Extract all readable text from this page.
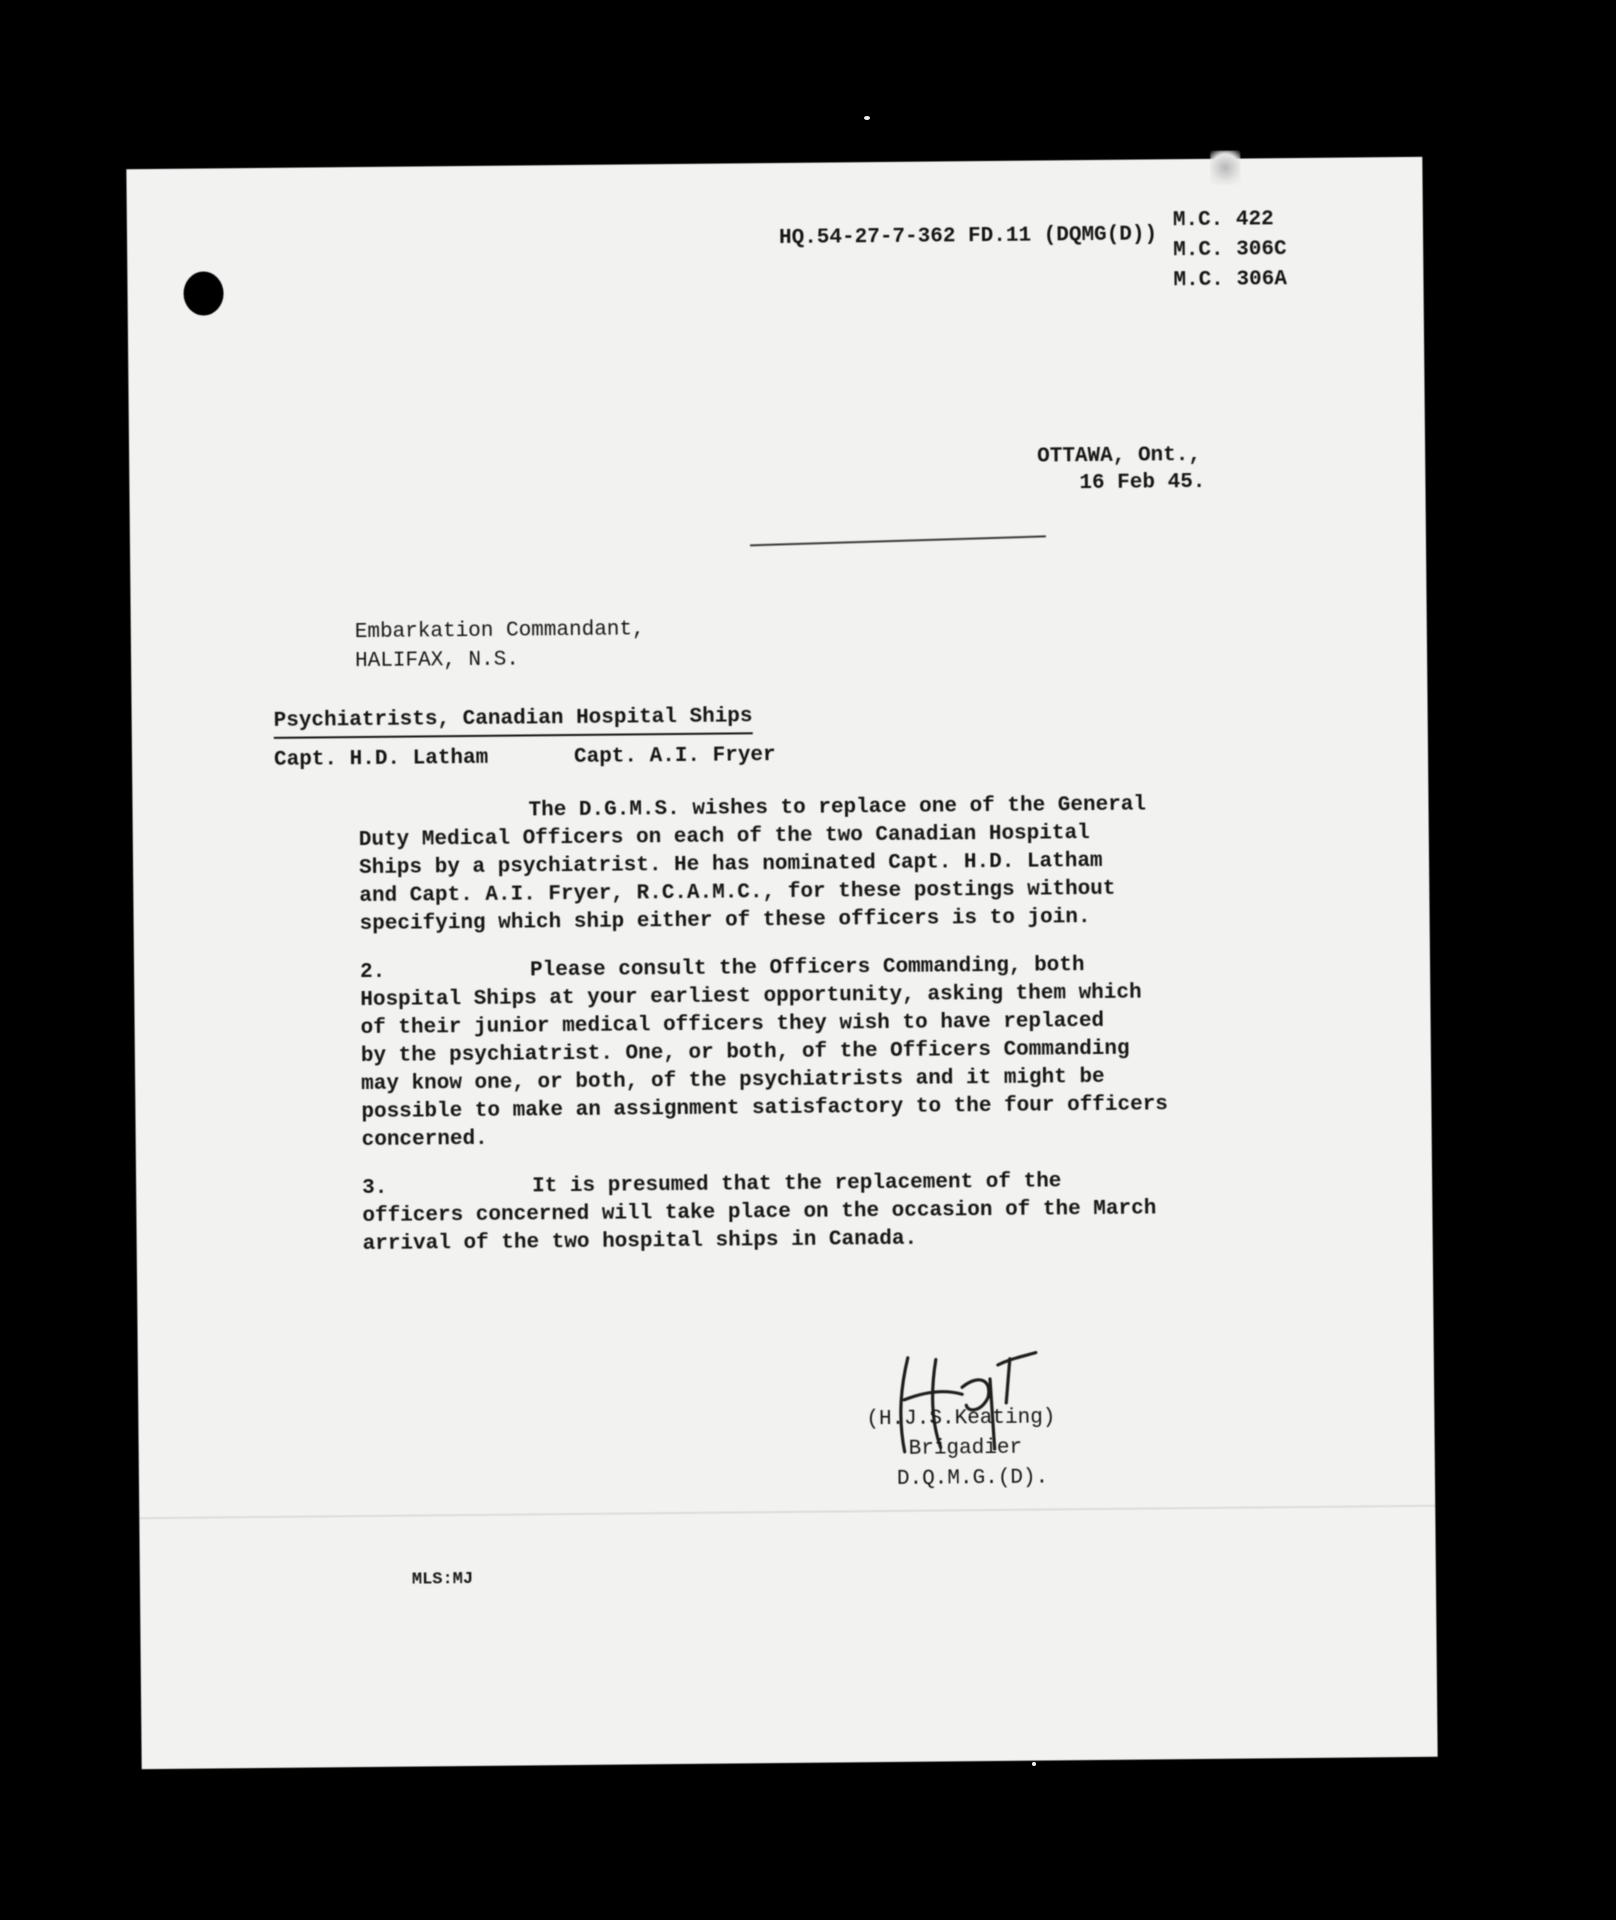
HQ.54-27-7-362 FD.11 (DQMG(D))
M.C. 422
M.C. 306C
M.C. 306A
OTTAWA, Ont.,
16 Feb 45.
Embarkation Commandant,
HALIFAX, N.S.
Psychiatrists, Canadian Hospital Ships
Capt. H.D. Latham	Capt. A.I. Fryer
The D.G.M.S. wishes to replace one of the General
Duty Medical Officers on each of the two Canadian Hospital
Ships by a psychiatrist. He has nominated Capt. H.D. Latham
and Capt. A.I. Fryer, R.C.A.M.C., for these postings without
specifying which ship either of these officers is to join.
2.	Please consult the Officers Commanding, both
Hospital Ships at your earliest opportunity, asking them which
of their junior medical officers they wish to have replaced
by the psychiatrist. One, or both, of the Officers Commanding
may know one, or both, of the psychiatrists and it might be
possible to make an assignment satisfactory to the four officers
concerned.
3.	It is presumed that the replacement of the
officers concerned will take place on the occasion of the March
arrival of the two hospital ships in Canada.
(H.J.S.Keating)
Brigadier
D.Q.M.G.(D).
MLS:MJ
